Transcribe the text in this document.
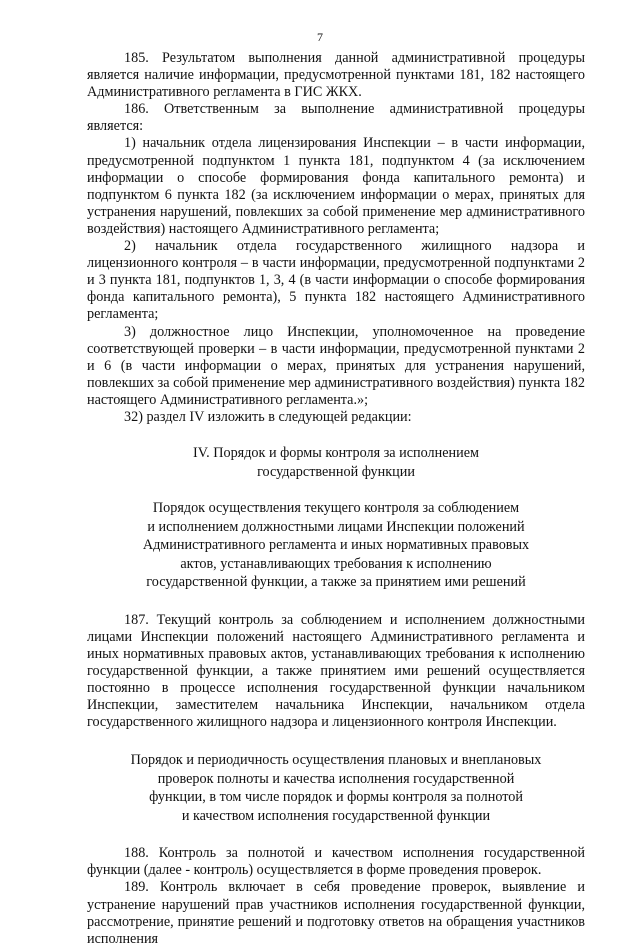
7

185. Результатом выполнения данной административной процедуры является наличие информации, предусмотренной пунктами 181, 182 настоящего Административного регламента в ГИС ЖКХ.

186. Ответственным за выполнение административной процедуры является:

1) начальник отдела лицензирования Инспекции – в части информации, предусмотренной подпунктом 1 пункта 181, подпунктом 4 (за исключением информации о способе формирования фонда капитального ремонта) и подпунктом 6 пункта 182 (за исключением информации о мерах, принятых для устранения нарушений, повлекших за собой применение мер административного воздействия) настоящего Административного регламента;

2) начальник отдела государственного жилищного надзора и лицензионного контроля – в части информации, предусмотренной подпунктами 2 и 3 пункта 181, подпунктов 1, 3, 4 (в части информации о способе формирования фонда капитального ремонта), 5 пункта 182 настоящего Административного регламента;

3) должностное лицо Инспекции, уполномоченное на проведение соответствующей проверки – в части информации, предусмотренной пунктами 2 и 6 (в части информации о мерах, принятых для устранения нарушений, повлекших за собой применение мер административного воздействия) пункта 182 настоящего Административного регламента.»;

32) раздел IV изложить в следующей редакции:

IV. Порядок и формы контроля за исполнением
государственной функции
Порядок осуществления текущего контроля за соблюдением
и исполнением должностными лицами Инспекции положений
Административного регламента и иных нормативных правовых
актов, устанавливающих требования к исполнению
государственной функции, а также за принятием ими решений

187. Текущий контроль за соблюдением и исполнением должностными лицами Инспекции положений настоящего Административного регламента и иных нормативных правовых актов, устанавливающих требования к исполнению государственной функции, а также принятием ими решений осуществляется постоянно в процессе исполнения государственной функции начальником Инспекции, заместителем начальника Инспекции, начальником отдела государственного жилищного надзора и лицензионного контроля Инспекции.

Порядок и периодичность осуществления плановых и внеплановых
проверок полноты и качества исполнения государственной
функции, в том числе порядок и формы контроля за полнотой
и качеством исполнения государственной функции

188. Контроль за полнотой и качеством исполнения государственной функции (далее - контроль) осуществляется в форме проведения проверок.

189. Контроль включает в себя проведение проверок, выявление и устранение нарушений прав участников исполнения государственной функции, рассмотрение, принятие решений и подготовку ответов на обращения участников исполнения
